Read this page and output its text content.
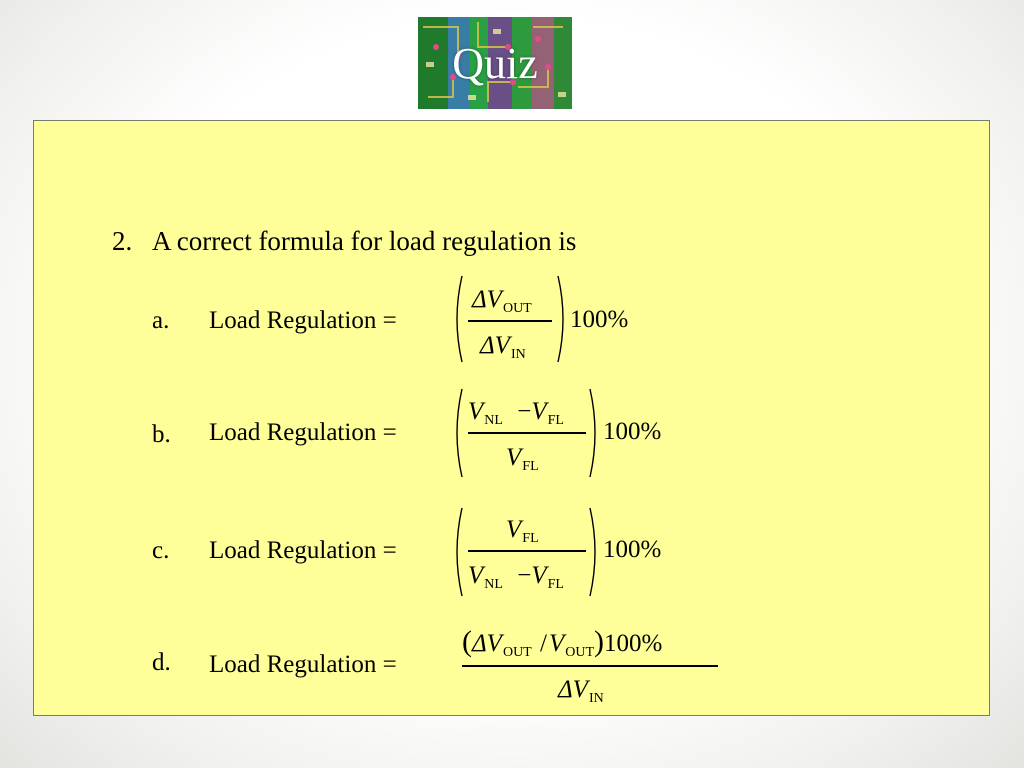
Quiz
2. A correct formula for load regulation is
a. Load Regulation =
$\Delta V_{OUT}$
$\Delta V_{IN}$
100%
b. Load Regulation =
$V_{NL} -V_{FL}$
$V_{FL}$
100%
c. Load Regulation =
$V_{FL}$
$V_{NL} -V_{FL}$
100%
d. Load Regulation =
($\Delta V_{OUT}$ $/V_{OUT})100\%$
$\Delta V_{IN}$
